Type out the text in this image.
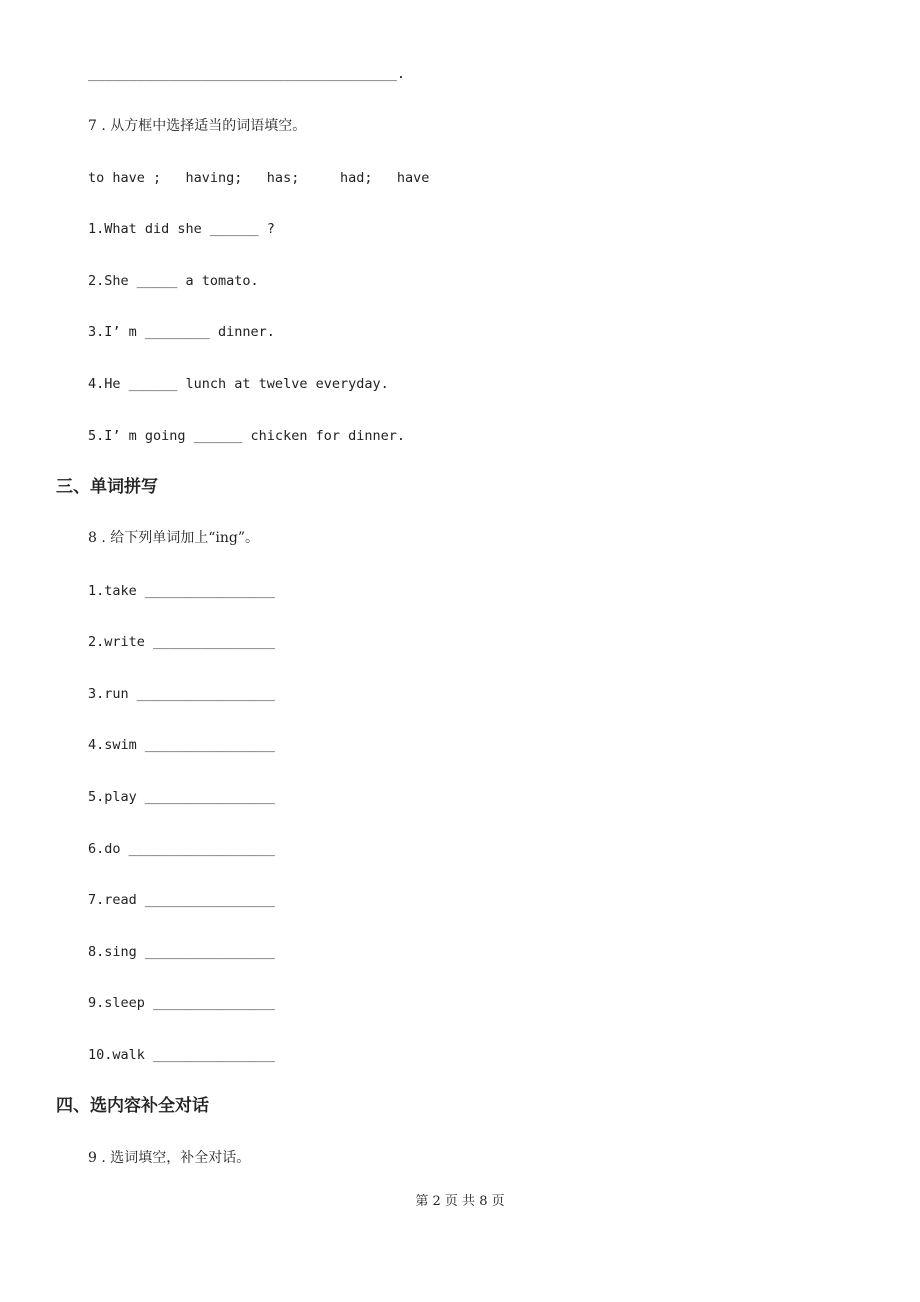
______________________________________.
7 . 从方框中选择适当的词语填空。
to have ;   having;   has;     had;   have
1.What did she ______ ?
2.She _____ a tomato.
3.I’ m ________ dinner.
4.He ______ lunch at twelve everyday.
5.I’ m going ______ chicken for dinner.
三、单词拼写
8 . 给下列单词加上“ing”。
1.take ________________
2.write _______________
3.run _________________
4.swim ________________
5.play ________________
6.do __________________
7.read ________________
8.sing ________________
9.sleep _______________
10.walk _______________
四、选内容补全对话
9 . 选词填空，补全对话。
第 2 页 共 8 页
